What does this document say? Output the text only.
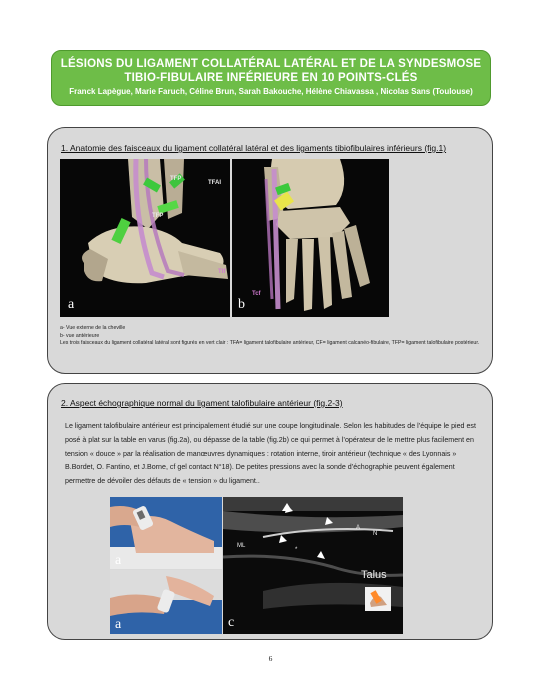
LÉSIONS DU LIGAMENT COLLATÉRAL LATÉRAL ET DE LA SYNDESMOSE
TIBIO-FIBULAIRE INFÉRIEURE EN 10 POINTS-CLÉS
Franck Lapègue, Marie Faruch, Céline Brun, Sarah Bakouche, Hélène Chiavassa , Nicolas Sans (Toulouse)
1. Anatomie des faisceaux du ligament collatéral latéral et des ligaments tibiofibulaires inférieurs (fig.1)
TFP
TFAI
TFP
Tlf
a
Tcf
b
a- Vue externe de la cheville
b- vue antérieure
Les trois faisceaux du ligament collatéral latéral sont figurés en vert clair : TFA= ligament talofibulaire antérieur, CF= ligament calcanéo-fibulaire, TFP= ligament talofibulaire postérieur.
2. Aspect échographique normal du ligament talofibulaire antérieur (fig.2-3)
Le ligament talofibulaire antérieur est principalement étudié sur une coupe longitudinale. Selon les habitudes de l’équipe le pied est posé à plat sur la table en varus (fig.2a), ou dépasse de la table (fig.2b) ce qui permet à l’opérateur de le mettre plus facilement en tension « douce » par la réalisation de manœuvres dynamiques : rotation interne, tiroir antérieur (technique « des Lyonnais » B.Bordet, O. Fantino, et J.Borne, cf gel contact N°18). De petites pressions avec la sonde d’échographie peuvent également permettre de dévoiler des défauts de « tension » du ligament..
a
a
ML
A
N
*
Talus
c
6
